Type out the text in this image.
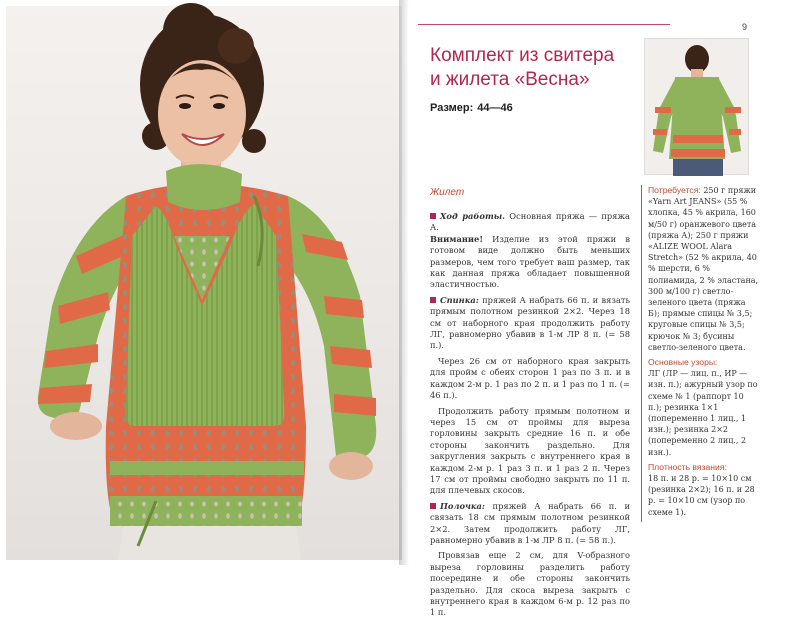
9
Комплект из свитера
и жилета «Весна»
Размер: 44—46
Жилет

Ход работы. Основная пряжа — пряжа А.
Внимание! Изделие из этой пряжи в готовом виде должно быть меньших размеров, чем того требует ваш размер, так как данная пряжа обладает повышенной эластичностью.

Спинка: пряжей А набрать 66 п. и вязать прямым полотном резинкой 2×2. Через 18 см от наборного края продолжить работу ЛГ, равномерно убавив в 1-м ЛР 8 п. (= 58 п.).

Через 26 см от наборного края закрыть для пройм с обеих сторон 1 раз по 3 п. и в каждом 2-м р. 1 раз по 2 п. и 1 раз по 1 п. (= 46 п.).

Продолжить работу прямым полотном и через 15 см от проймы для выреза горловины закрыть средние 16 п. и обе стороны закончить раздельно. Для закругления закрыть с внутреннего края в каждом 2-м р. 1 раз 3 п. и 1 раз 2 п. Через 17 см от проймы свободно закрыть по 11 п. для плечевых скосов.

Полочка: пряжей А набрать 66 п. и связать 18 см прямым полотном резинкой 2×2. Затем продолжить работу ЛГ, равномерно убавив в 1-м ЛР 8 п. (= 58 п.).

Провязав еще 2 см, для V-образного выреза горловины разделить работу посередине и обе стороны закончить раздельно. Для скоса выреза закрыть с внутреннего края в каждом 6-м р. 12 раз по 1 п.

Потребуется: 250 г пряжи «Yarn Art JEANS» (55 % хлопка, 45 % акрила, 160 м/50 г) оранжевого цвета (пряжа А); 250 г пряжи «ALIZE WOOL Alara Stretch» (52 % акрила, 40 % шерсти, 6 % полиамида, 2 % эластана, 300 м/100 г) светло-зеленого цвета (пряжа Б); прямые спицы № 3,5; круговые спицы № 3,5; крючок № 3; бусины светло-зеленого цвета.

Основные узоры:
ЛГ (ЛР — лиц. п., ИР — изн. п.); ажурный узор по схеме № 1 (раппорт 10 п.); резинка 1×1 (попеременно 1 лиц., 1 изн.); резинка 2×2 (попеременно 2 лиц., 2 изн.).

Плотность вязания:
18 п. и 28 р. = 10×10 см (резинка 2×2); 16 п. и 28 р. = 10×10 см (узор по схеме 1).
